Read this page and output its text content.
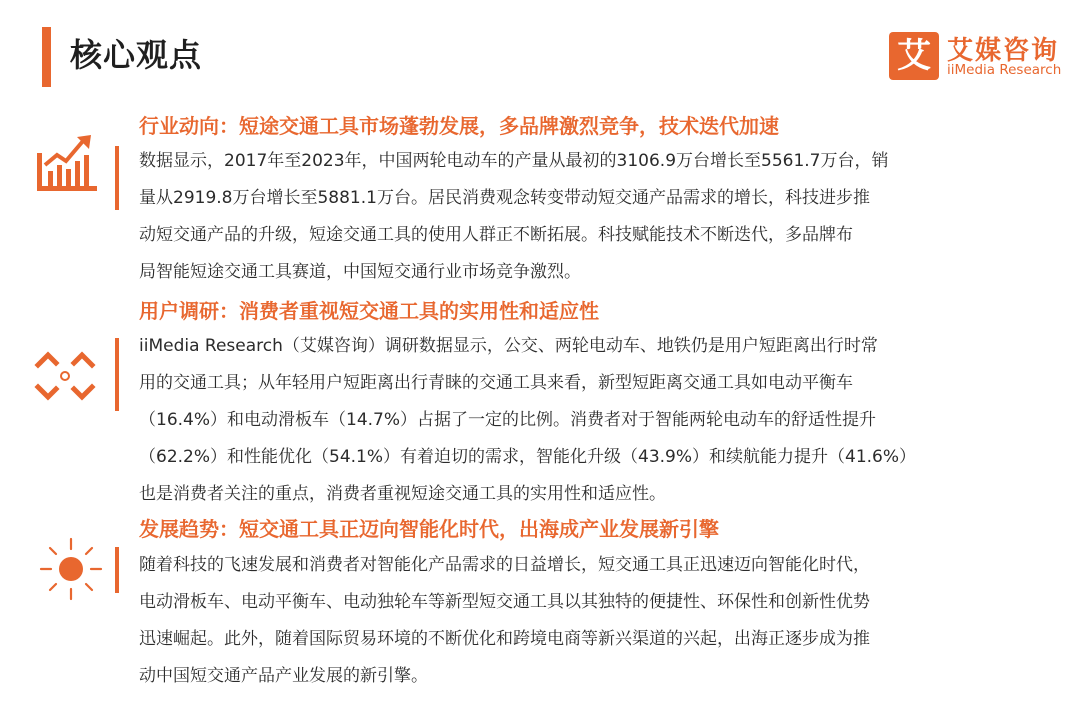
核心观点	艾 艾媒咨询
iiMedia Research
行业动向：短途交通工具市场蓬勃发展，多品牌激烈竞争，技术迭代加速
数据显示，2017年至2023年，中国两轮电动车的产量从最初的3106.9万台增长至5561.7万台，销
量从2919.8万台增长至5881.1万台。居民消费观念转变带动短交通产品需求的增长，科技进步推
动短交通产品的升级，短途交通工具的使用人群正不断拓展。科技赋能技术不断迭代，多品牌布
局智能短途交通工具赛道，中国短交通行业市场竞争激烈。
用户调研：消费者重视短交通工具的实用性和适应性
iiMedia Research（艾媒咨询）调研数据显示，公交、两轮电动车、地铁仍是用户短距离出行时常
用的交通工具；从年轻用户短距离出行青睐的交通工具来看，新型短距离交通工具如电动平衡车
（16.4%）和电动滑板车（14.7%）占据了一定的比例。消费者对于智能两轮电动车的舒适性提升
（62.2%）和性能优化（54.1%）有着迫切的需求，智能化升级（43.9%）和续航能力提升（41.6%）
也是消费者关注的重点，消费者重视短途交通工具的实用性和适应性。
发展趋势：短交通工具正迈向智能化时代，出海成产业发展新引擎
随着科技的飞速发展和消费者对智能化产品需求的日益增长，短交通工具正迅速迈向智能化时代，
电动滑板车、电动平衡车、电动独轮车等新型短交通工具以其独特的便捷性、环保性和创新性优势
迅速崛起。此外，随着国际贸易环境的不断优化和跨境电商等新兴渠道的兴起，出海正逐步成为推
动中国短交通产品产业发展的新引擎。
